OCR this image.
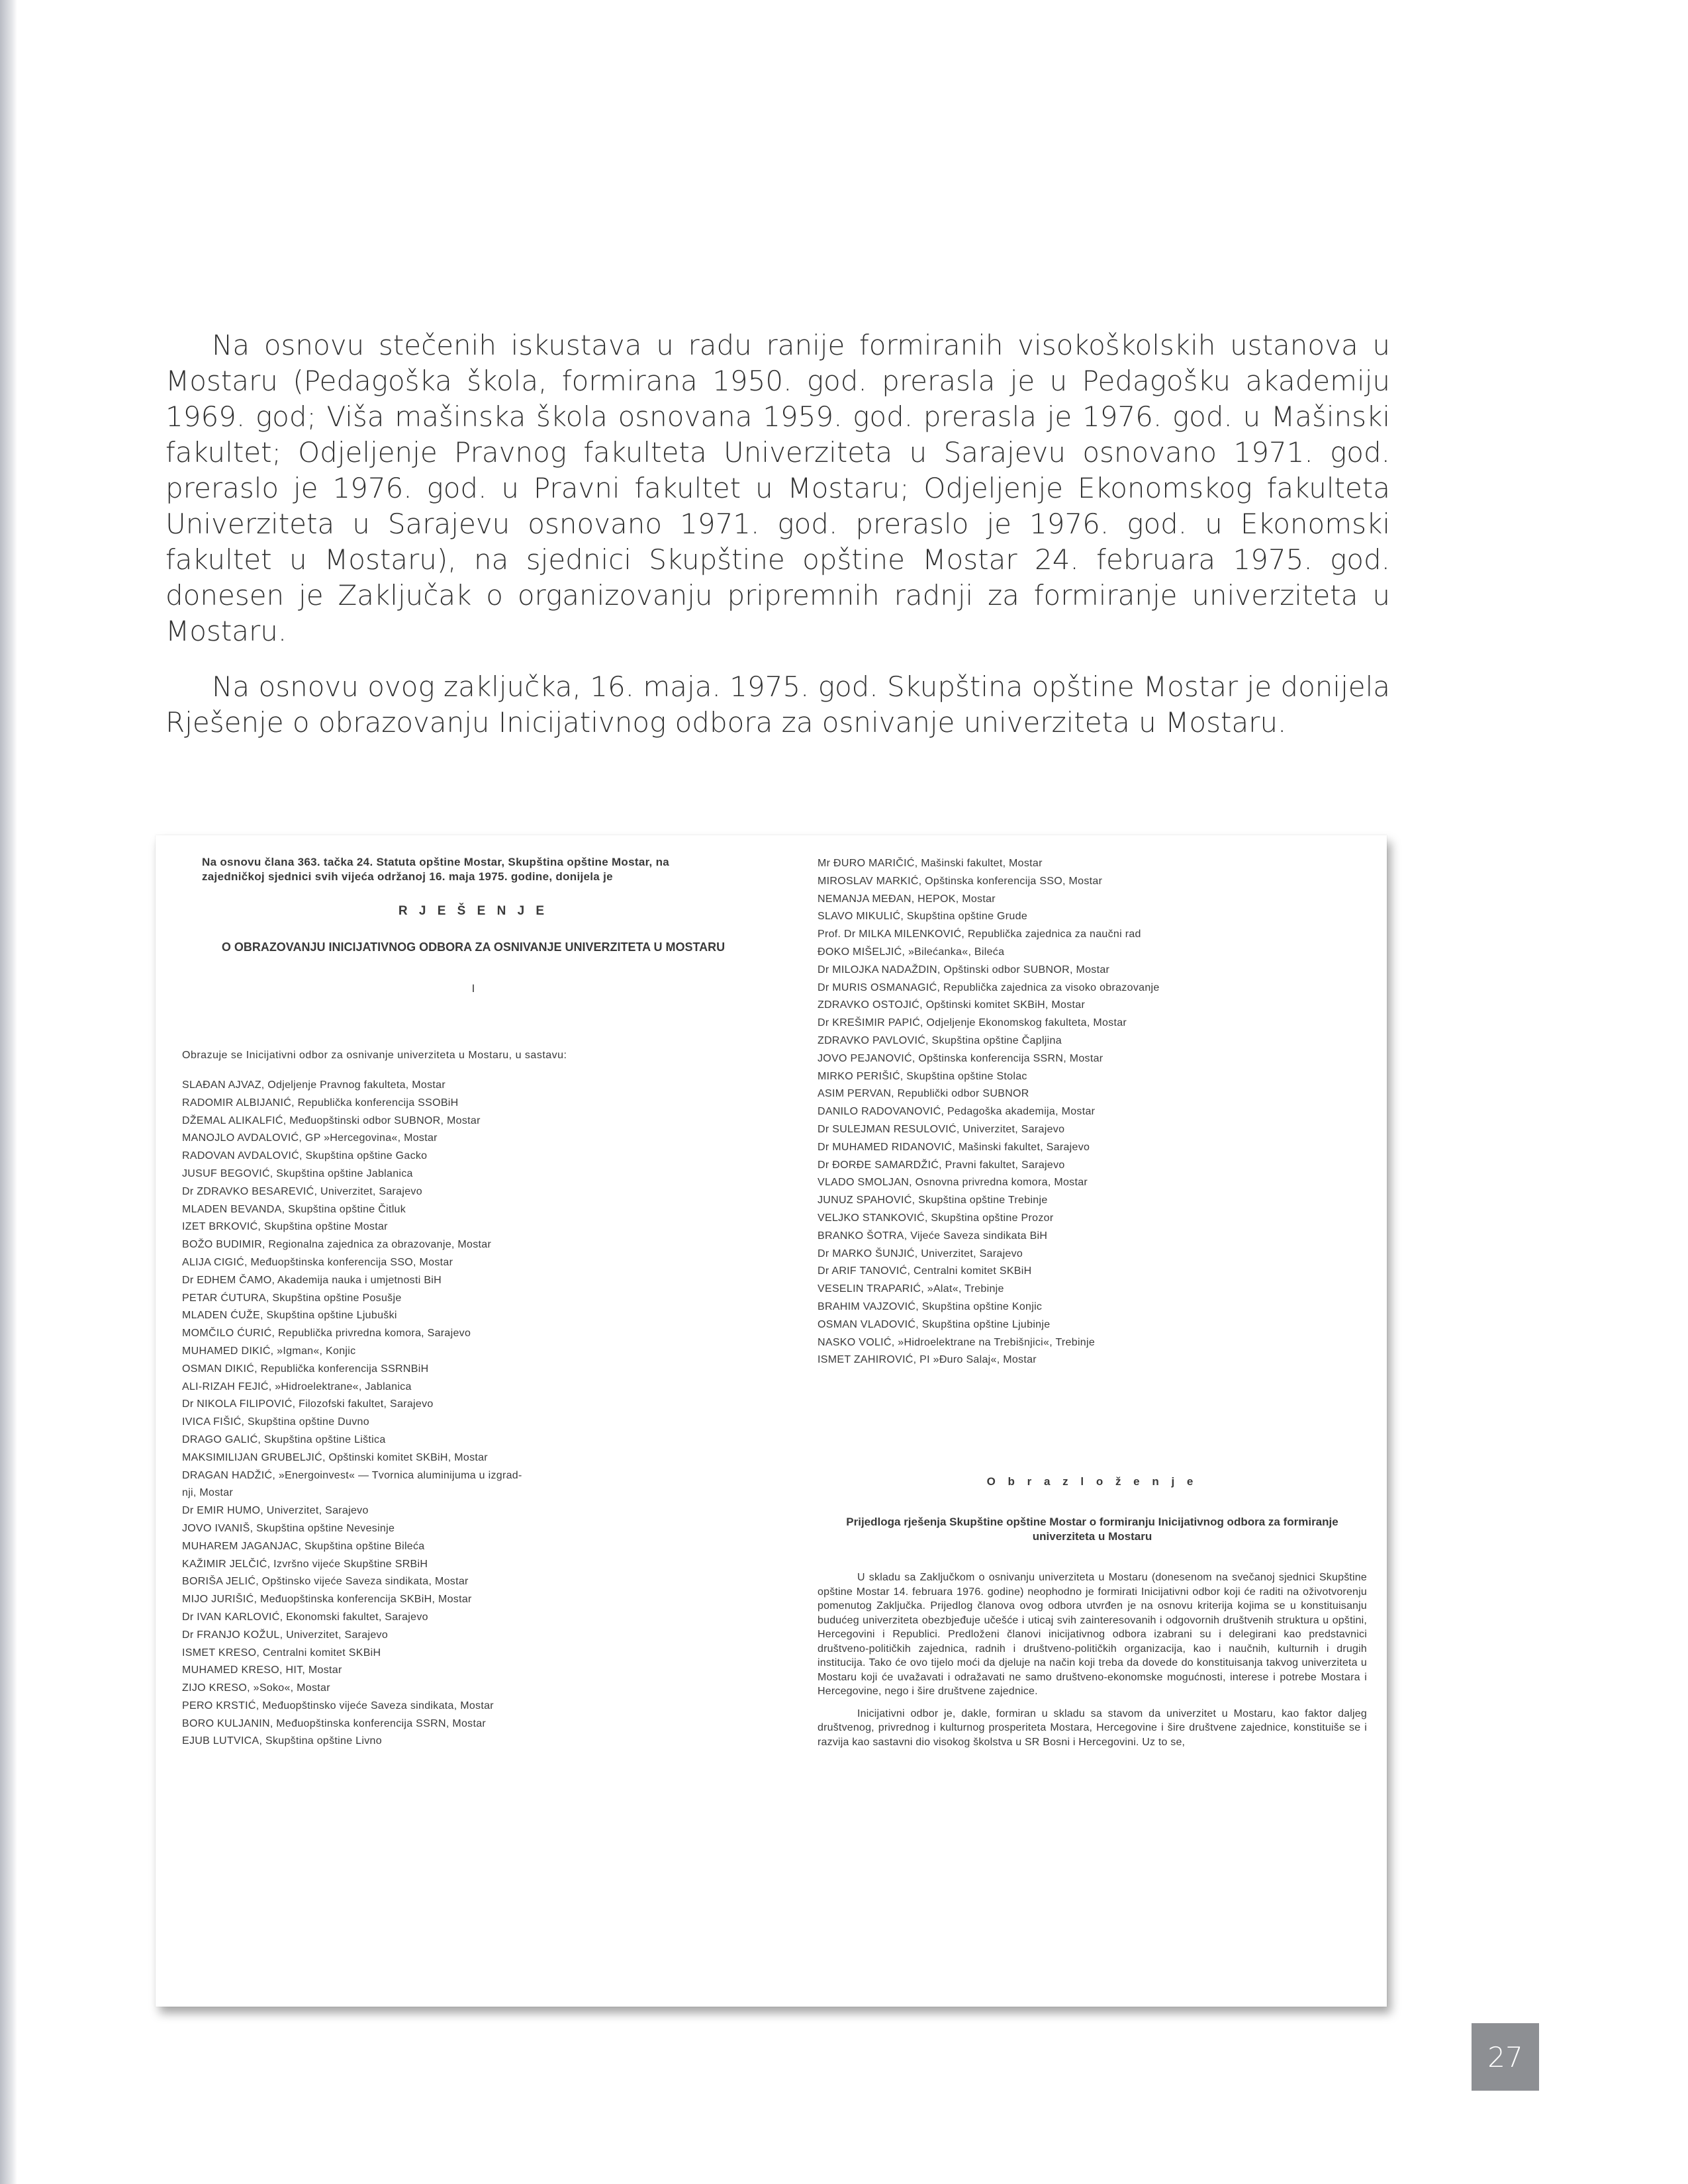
Na osnovu stečenih iskustava u radu ranije formiranih visokoškolskih ustanova u Mostaru (Pedagoška škola, formirana 1950. god. prerasla je u Pedagošku akademiju 1969. god; Viša mašinska škola osnovana 1959. god. prerasla je 1976. god. u Mašinski fakultet; Odjeljenje Pravnog fakulteta Univerziteta u Sarajevu osnovano 1971. god. preraslo je 1976. god. u Pravni fakultet u Mostaru; Odjeljenje Ekonomskog fakulteta Univerziteta u Sarajevu osnovano 1971. god. preraslo je 1976. god. u Ekonomski fakultet u Mostaru), na sjednici Skupštine opštine Mostar 24. februara 1975. god. donesen je Zaključak o organizovanju pripremnih radnji za formiranje univerziteta u Mostaru.

Na osnovu ovog zaključka, 16. maja. 1975. god. Skupština opštine Mostar je donijela Rješenje o obrazovanju Inicijativnog odbora za osnivanje univerziteta u Mostaru.

Na osnovu člana 363. tačka 24. Statuta opštine Mostar, Skupština opštine Mostar, na zajedničkoj sjednici svih vijeća održanoj 16. maja 1975. godine, donijela je

R J E Š E N J E
O OBRAZOVANJU INICIJATIVNOG ODBORA ZA OSNIVANJE UNIVERZITETA U MOSTARU
I

Obrazuje se Inicijativni odbor za osnivanje univerziteta u Mostaru, u sastavu:

SLAĐAN AJVAZ, Odjeljenje Pravnog fakulteta, Mostar
RADOMIR ALBIJANIĆ, Republička konferencija SSOBiH
DŽEMAL ALIKALFIĆ, Međuopštinski odbor SUBNOR, Mostar
MANOJLO AVDALOVIĆ, GP »Hercegovina«, Mostar
RADOVAN AVDALOVIĆ, Skupština opštine Gacko
JUSUF BEGOVIĆ, Skupština opštine Jablanica
Dr ZDRAVKO BESAREVIĆ, Univerzitet, Sarajevo
MLADEN BEVANDA, Skupština opštine Čitluk
IZET BRKOVIĆ, Skupština opštine Mostar
BOŽO BUDIMIR, Regionalna zajednica za obrazovanje, Mostar
ALIJA CIGIĆ, Međuopštinska konferencija SSO, Mostar
Dr EDHEM ČAMO, Akademija nauka i umjetnosti BiH
PETAR ĆUTURA, Skupština opštine Posušje
MLADEN ĆUŽE, Skupština opštine Ljubuški
MOMČILO ĆURIĆ, Republička privredna komora, Sarajevo
MUHAMED DIKIĆ, »Igman«, Konjic
OSMAN DIKIĆ, Republička konferencija SSRNBiH
ALI-RIZAH FEJIĆ, »Hidroelektrane«, Jablanica
Dr NIKOLA FILIPOVIĆ, Filozofski fakultet, Sarajevo
IVICA FIŠIĆ, Skupština opštine Duvno
DRAGO GALIĆ, Skupština opštine Lištica
MAKSIMILIJAN GRUBELJIĆ, Opštinski komitet SKBiH, Mostar
DRAGAN HADŽIĆ, »Energoinvest« — Tvornica aluminijuma u izgrad-
nji, Mostar
Dr EMIR HUMO, Univerzitet, Sarajevo
JOVO IVANIŠ, Skupština opštine Nevesinje
MUHAREM JAGANJAC, Skupština opštine Bileća
KAŽIMIR JELČIĆ, Izvršno vijeće Skupštine SRBiH
BORIŠA JELIĆ, Opštinsko vijeće Saveza sindikata, Mostar
MIJO JURIŠIĆ, Međuopštinska konferencija SKBiH, Mostar
Dr IVAN KARLOVIĆ, Ekonomski fakultet, Sarajevo
Dr FRANJO KOŽUL, Univerzitet, Sarajevo
ISMET KRESO, Centralni komitet SKBiH
MUHAMED KRESO, HIT, Mostar
ZIJO KRESO, »Soko«, Mostar
PERO KRSTIĆ, Međuopštinsko vijeće Saveza sindikata, Mostar
BORO KULJANIN, Međuopštinska konferencija SSRN, Mostar
EJUB LUTVICA, Skupština opštine Livno
Mr ĐURO MARIČIĆ, Mašinski fakultet, Mostar
MIROSLAV MARKIĆ, Opštinska konferencija SSO, Mostar
NEMANJA MEĐAN, HEPOK, Mostar
SLAVO MIKULIĆ, Skupština opštine Grude
Prof. Dr MILKA MILENKOVIĆ, Republička zajednica za naučni rad
ĐOKO MIŠELJIĆ, »Bilećanka«, Bileća
Dr MILOJKA NADAŽDIN, Opštinski odbor SUBNOR, Mostar
Dr MURIS OSMANAGIĆ, Republička zajednica za visoko obrazovanje
ZDRAVKO OSTOJIĆ, Opštinski komitet SKBiH, Mostar
Dr KREŠIMIR PAPIĆ, Odjeljenje Ekonomskog fakulteta, Mostar
ZDRAVKO PAVLOVIĆ, Skupština opštine Čapljina
JOVO PEJANOVIĆ, Opštinska konferencija SSRN, Mostar
MIRKO PERIŠIĆ, Skupština opštine Stolac
ASIM PERVAN, Republički odbor SUBNOR
DANILO RADOVANOVIĆ, Pedagoška akademija, Mostar
Dr SULEJMAN RESULOVIĆ, Univerzitet, Sarajevo
Dr MUHAMED RIDANOVIĆ, Mašinski fakultet, Sarajevo
Dr ĐORĐE SAMARDŽIĆ, Pravni fakultet, Sarajevo
VLADO SMOLJAN, Osnovna privredna komora, Mostar
JUNUZ SPAHOVIĆ, Skupština opštine Trebinje
VELJKO STANKOVIĆ, Skupština opštine Prozor
BRANKO ŠOTRA, Vijeće Saveza sindikata BiH
Dr MARKO ŠUNJIĆ, Univerzitet, Sarajevo
Dr ARIF TANOVIĆ, Centralni komitet SKBiH
VESELIN TRAPARIĆ, »Alat«, Trebinje
BRAHIM VAJZOVIĆ, Skupština opštine Konjic
OSMAN VLADOVIĆ, Skupština opštine Ljubinje
NASKO VOLIĆ, »Hidroelektrane na Trebišnjici«, Trebinje
ISMET ZAHIROVIĆ, PI »Đuro Salaj«, Mostar
O b r a z l o ž e n j e
Prijedloga rješenja Skupštine opštine Mostar o formiranju Inicijativnog odbora za formiranje univerziteta u Mostaru

U skladu sa Zaključkom o osnivanju univerziteta u Mostaru (donesenom na svečanoj sjednici Skupštine opštine Mostar 14. februara 1976. godine) neophodno je formirati Inicijativni odbor koji će raditi na oživotvorenju pomenutog Zaključka. Prijedlog članova ovog odbora utvrđen je na osnovu kriterija kojima se u konstituisanju budućeg univerziteta obezbjeđuje učešće i uticaj svih zainteresovanih i odgovornih društvenih struktura u opštini, Hercegovini i Republici. Predloženi članovi inicijativnog odbora izabrani su i delegirani kao predstavnici društveno-političkih zajednica, radnih i društveno-političkih organizacija, kao i naučnih, kulturnih i drugih institucija. Tako će ovo tijelo moći da djeluje na način koji treba da dovede do konstituisanja takvog univerziteta u Mostaru koji će uvažavati i odražavati ne samo društveno-ekonomske mogućnosti, interese i potrebe Mostara i Hercegovine, nego i šire društvene zajednice.

Inicijativni odbor je, dakle, formiran u skladu sa stavom da univerzitet u Mostaru, kao faktor daljeg društvenog, privrednog i kulturnog prosperiteta Mostara, Hercegovine i šire društvene zajednice, konstituiše se i razvija kao sastavni dio visokog školstva u SR Bosni i Hercegovini. Uz to se,

27
